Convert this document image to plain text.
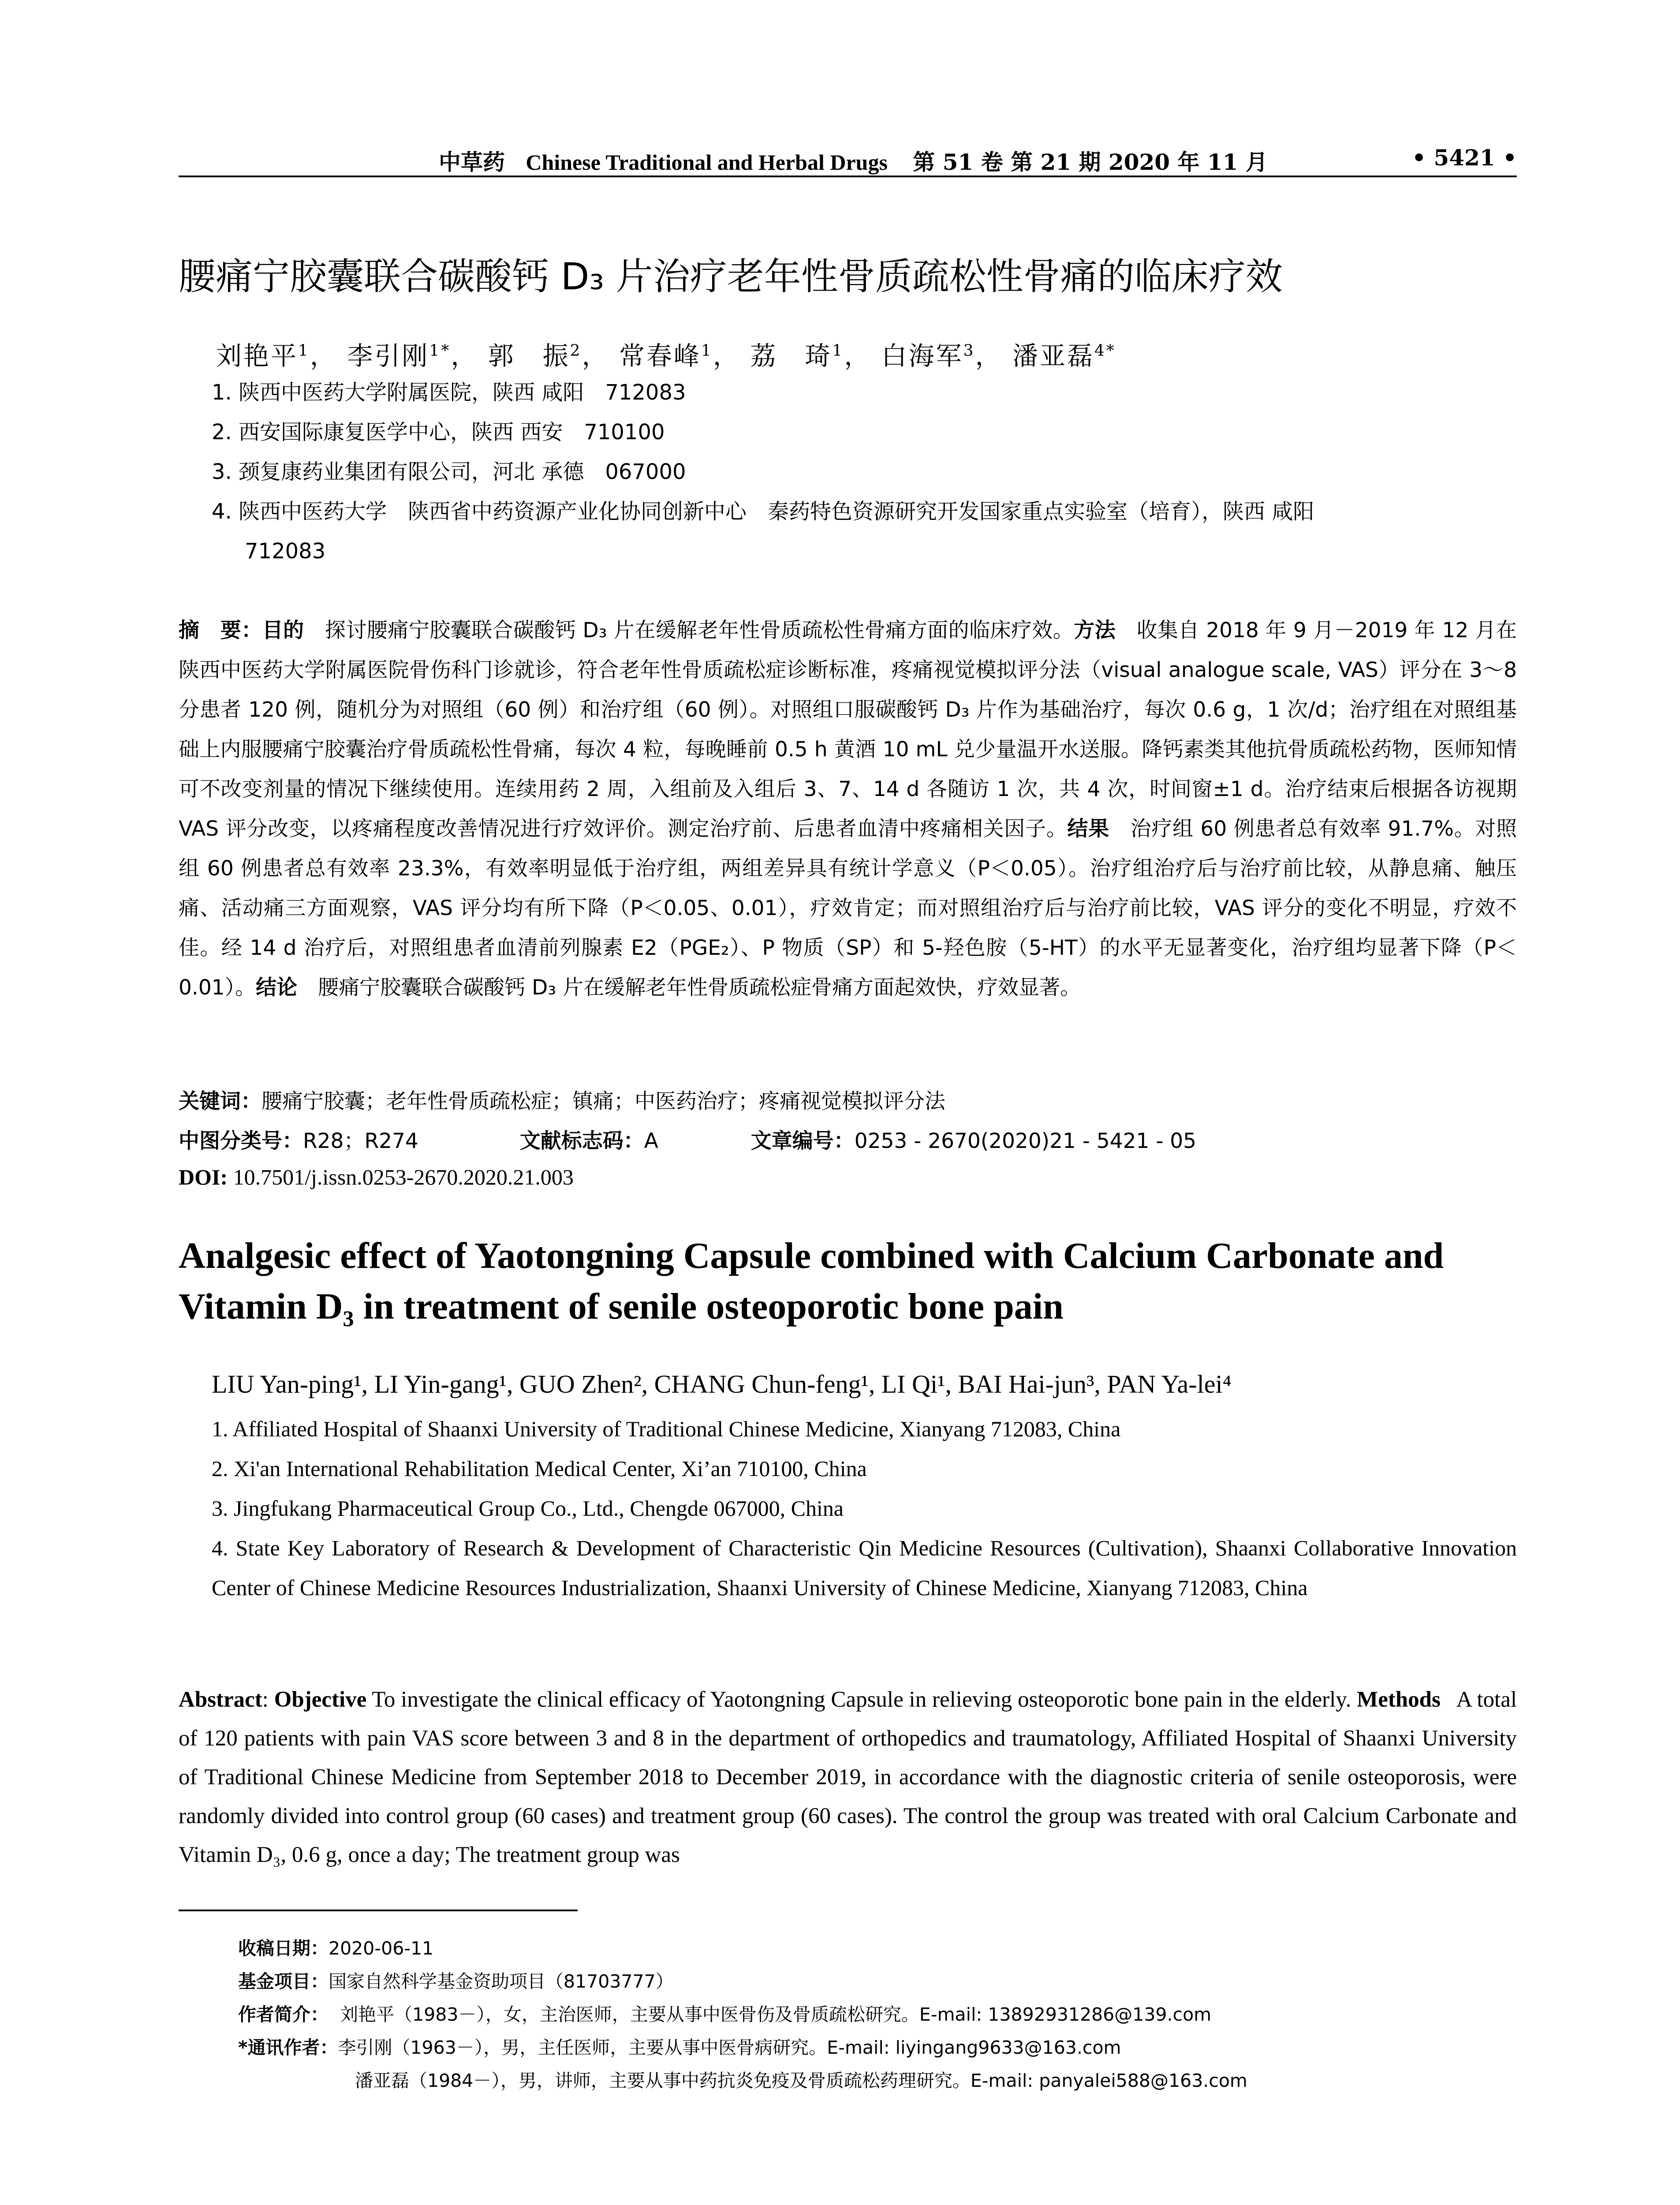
中草药 Chinese Traditional and Herbal Drugs 第 51 卷 第 21 期 2020 年 11 月	• 5421 •
腰痛宁胶囊联合碳酸钙 D₃ 片治疗老年性骨质疏松性骨痛的临床疗效
刘艳平$^1$， 李引刚$^{1*}$， 郭　振$^2$， 常春峰$^1$， 荔　琦$^1$， 白海军$^3$， 潘亚磊$^{4*}$
1. 陕西中医药大学附属医院，陕西 咸阳　712083
2. 西安国际康复医学中心，陕西 西安　710100
3. 颈复康药业集团有限公司，河北 承德　067000
4. 陕西中医药大学　陕西省中药资源产业化协同创新中心　秦药特色资源研究开发国家重点实验室（培育），陕西 咸阳
712083
摘　要：目的　 探讨腰痛宁胶囊联合碳酸钙 D₃ 片在缓解老年性骨质疏松性骨痛方面的临床疗效。方法　 收集自 2018 年 9 月－2019 年 12 月在陕西中医药大学附属医院骨伤科门诊就诊，符合老年性骨质疏松症诊断标准，疼痛视觉模拟评分法（visual analogue scale, VAS）评分在 3～8 分患者 120 例，随机分为对照组（60 例）和治疗组（60 例）。对照组口服碳酸钙 D₃ 片作为基础治疗，每次 0.6 g，1 次/d；治疗组在对照组基础上内服腰痛宁胶囊治疗骨质疏松性骨痛，每次 4 粒，每晚睡前 0.5 h 黄酒 10 mL 兑少量温开水送服。降钙素类其他抗骨质疏松药物，医师知情可不改变剂量的情况下继续使用。连续用药 2 周，入组前及入组后 3、7、14 d 各随访 1 次，共 4 次，时间窗±1 d。治疗结束后根据各访视期 VAS 评分改变，以疼痛程度改善情况进行疗效评价。测定治疗前、后患者血清中疼痛相关因子。结果　 治疗组 60 例患者总有效率 91.7%。对照组 60 例患者总有效率 23.3%，有效率明显低于治疗组，两组差异具有统计学意义（P＜0.05）。治疗组治疗后与治疗前比较，从静息痛、触压痛、活动痛三方面观察，VAS 评分均有所下降（P＜0.05、0.01），疗效肯定；而对照组治疗后与治疗前比较，VAS 评分的变化不明显，疗效不佳。经 14 d 治疗后，对照组患者血清前列腺素 E2（PGE₂）、P 物质（SP）和 5-羟色胺（5-HT）的水平无显著变化，治疗组均显著下降（P＜0.01）。结论　 腰痛宁胶囊联合碳酸钙 D₃ 片在缓解老年性骨质疏松症骨痛方面起效快，疗效显著。
关键词：腰痛宁胶囊；老年性骨质疏松症；镇痛；中医药治疗；疼痛视觉模拟评分法
中图分类号：R28；R274	文献标志码：A	文章编号：0253 - 2670(2020)21 - 5421 - 05
DOI: 10.7501/j.issn.0253-2670.2020.21.003
Analgesic effect of Yaotongning Capsule combined with Calcium Carbonate and Vitamin D₃ in treatment of senile osteoporotic bone pain
LIU Yan-ping¹, LI Yin-gang¹, GUO Zhen², CHANG Chun-feng¹, LI Qi¹, BAI Hai-jun³, PAN Ya-lei⁴
1. Affiliated Hospital of Shaanxi University of Traditional Chinese Medicine, Xianyang 712083, China
2. Xi'an International Rehabilitation Medical Center, Xi’an 710100, China
3. Jingfukang Pharmaceutical Group Co., Ltd., Chengde 067000, China
4. State Key Laboratory of Research & Development of Characteristic Qin Medicine Resources (Cultivation), Shaanxi Collaborative Innovation Center of Chinese Medicine Resources Industrialization, Shaanxi University of Chinese Medicine, Xianyang 712083, China
Abstract: Objective To investigate the clinical efficacy of Yaotongning Capsule in relieving osteoporotic bone pain in the elderly. Methods A total of 120 patients with pain VAS score between 3 and 8 in the department of orthopedics and traumatology, Affiliated Hospital of Shaanxi University of Traditional Chinese Medicine from September 2018 to December 2019, in accordance with the diagnostic criteria of senile osteoporosis, were randomly divided into control group (60 cases) and treatment group (60 cases). The control the group was treated with oral Calcium Carbonate and Vitamin D₃, 0.6 g, once a day; The treatment group was
收稿日期：2020-06-11
基金项目：国家自然科学基金资助项目（81703777）
作者简介： 刘艳平（1983－），女，主治医师，主要从事中医骨伤及骨质疏松研究。E-mail: 13892931286@139.com
*通讯作者：李引刚（1963－），男，主任医师，主要从事中医骨病研究。E-mail: liyingang9633@163.com
潘亚磊（1984－），男，讲师，主要从事中药抗炎免疫及骨质疏松药理研究。E-mail: panyalei588@163.com
